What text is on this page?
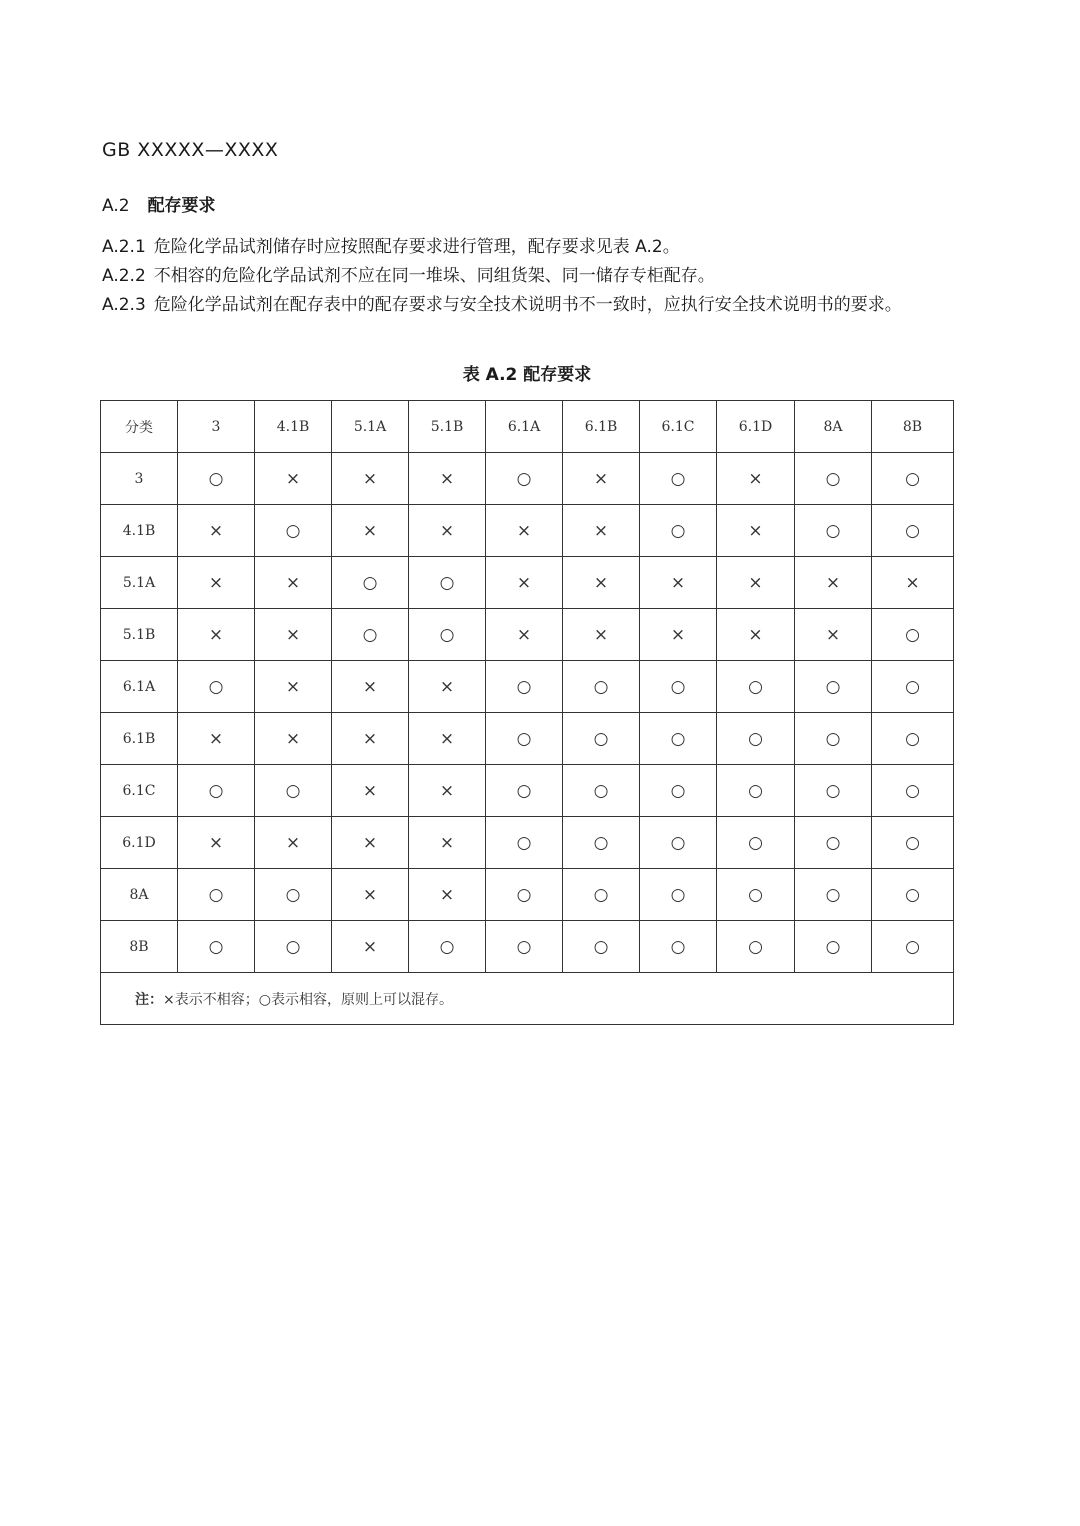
GB XXXXX—XXXX
A.2 配存要求
A.2.1 危险化学品试剂储存时应按照配存要求进行管理，配存要求见表 A.2。
A.2.2 不相容的危险化学品试剂不应在同一堆垛、同组货架、同一储存专柜配存。
A.2.3 危险化学品试剂在配存表中的配存要求与安全技术说明书不一致时，应执行安全技术说明书的要求。
表 A.2 配存要求
分类	3	4.1B	5.1A	5.1B	6.1A	6.1B	6.1C	6.1D	8A	8B
3	○	×	×	×	○	×	○	×	○	○
4.1B	×	○	×	×	×	×	○	×	○	○
5.1A	×	×	○	○	×	×	×	×	×	×
5.1B	×	×	○	○	×	×	×	×	×	○
6.1A	○	×	×	×	○	○	○	○	○	○
6.1B	×	×	×	×	○	○	○	○	○	○
6.1C	○	○	×	×	○	○	○	○	○	○
6.1D	×	×	×	×	○	○	○	○	○	○
8A	○	○	×	×	○	○	○	○	○	○
8B	○	○	×	○	○	○	○	○	○	○
注：×表示不相容；○表示相容，原则上可以混存。										
